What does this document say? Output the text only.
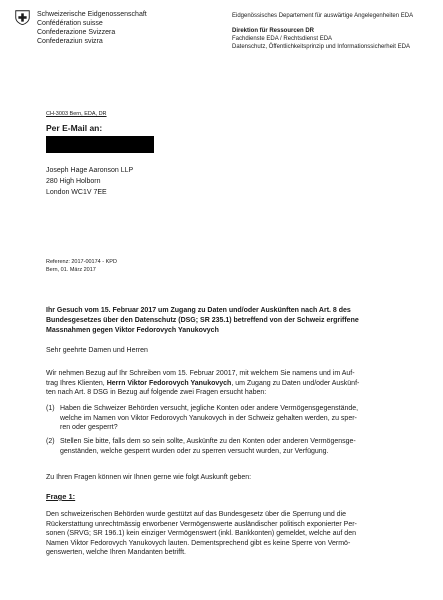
Schweizerische Eidgenossenschaft
Confédération suisse
Confederazione Svizzera
Confederaziun svizra
Eidgenössisches Departement für auswärtige Angelegenheiten EDA
Direktion für Ressourcen DR
Fachdienste EDA / Rechtsdienst EDA
Datenschutz, Öffentlichkeitsprinzip und Informationssicherheit EDA
CH-3003 Bern, EDA, DR
Per E-Mail an:
Joseph Hage Aaronson LLP
280 High Holborn
London WC1V 7EE
Referenz: 2017-00174 - KPD
Bern, 01. März 2017
Ihr Gesuch vom 15. Februar 2017 um Zugang zu Daten und/oder Auskünften nach Art. 8 des
Bundesgesetzes über den Datenschutz (DSG; SR 235.1) betreffend von der Schweiz ergriffene
Massnahmen gegen Viktor Fedorovych Yanukovych
Sehr geehrte Damen und Herren
Wir nehmen Bezug auf Ihr Schreiben vom 15. Februar 20017, mit welchem Sie namens und im Auf-
trag Ihres Klienten, Herrn Viktor Fedorovych Yanukovych, um Zugang zu Daten und/oder Auskünf-
ten nach Art. 8 DSG in Bezug auf folgende zwei Fragen ersucht haben:
(1) Haben die Schweizer Behörden versucht, jegliche Konten oder andere Vermögensgegenstände,
welche im Namen von Viktor Fedorovych Yanukovych in der Schweiz gehalten werden, zu sper-
ren oder gesperrt?
(2) Stellen Sie bitte, falls dem so sein sollte, Auskünfte zu den Konten oder anderen Vermögensge-
genständen, welche gesperrt wurden oder zu sperren versucht wurden, zur Verfügung.
Zu Ihren Fragen können wir Ihnen gerne wie folgt Auskunft geben:
Frage 1:
Den schweizerischen Behörden wurde gestützt auf das Bundesgesetz über die Sperrung und die
Rückerstattung unrechtmässig erworbener Vermögenswerte ausländischer politisch exponierter Per-
sonen (SRVG; SR 196.1) kein einziger Vermögenswert (inkl. Bankkonten) gemeldet, welche auf den
Namen Viktor Fedorovych Yanukovych lauten. Dementsprechend gibt es keine Sperre von Vermö-
genswerten, welche Ihren Mandanten betrifft.
